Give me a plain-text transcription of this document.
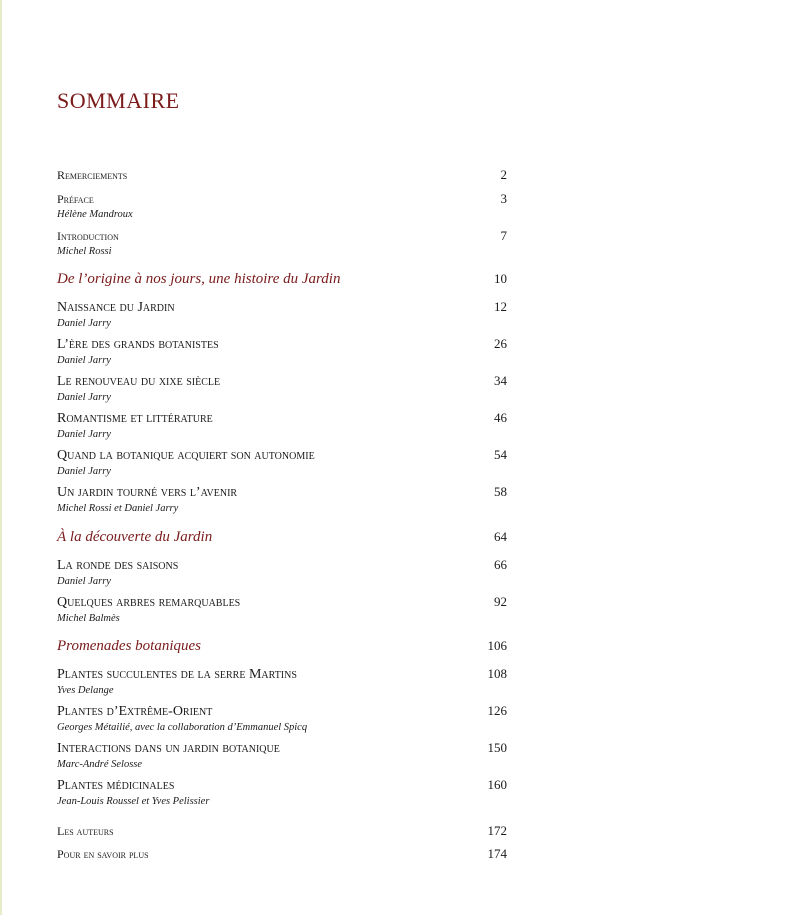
SOMMAIRE
Remerciements	2
Préface	3
Hélène Mandroux
Introduction	7
Michel Rossi
De l’origine à nos jours, une histoire du Jardin	10
Naissance du Jardin	12
Daniel Jarry
L’ère des grands botanistes	26
Daniel Jarry
Le renouveau du xixe siècle	34
Daniel Jarry
Romantisme et littérature	46
Daniel Jarry
Quand la botanique acquiert son autonomie	54
Daniel Jarry
Un jardin tourné vers l’avenir	58
Michel Rossi et Daniel Jarry
À la découverte du Jardin	64
La ronde des saisons	66
Daniel Jarry
Quelques arbres remarquables	92
Michel Balmès
Promenades botaniques	106
Plantes succulentes de la serre Martins	108
Yves Delange
Plantes d’Extrême-Orient	126
Georges Métailié, avec la collaboration d’Emmanuel Spicq
Interactions dans un jardin botanique	150
Marc-André Selosse
Plantes médicinales	160
Jean-Louis Roussel et Yves Pelissier
Les auteurs	172
Pour en savoir plus	174
